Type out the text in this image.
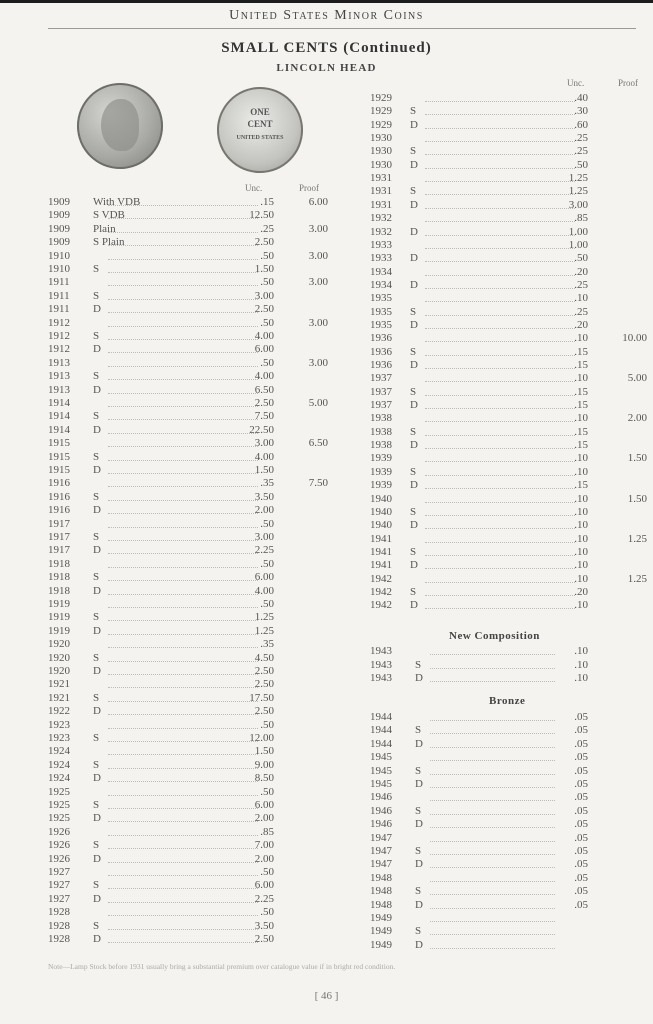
United States Minor Coins
SMALL CENTS (Continued)
LINCOLN HEAD
ONE
CENT
UNITED STATES
Unc.	Proof
Unc.	Proof
1909 With VDB	.15	6.00
1909 S VDB	12.50
1909 Plain	.25	3.00
1909 S Plain	2.50
1910	.50	3.00
1910 S	1.50
1911	.50	3.00
1911 S	3.00
1911 D	2.50
1912	.50	3.00
1912 S	4.00
1912 D	6.00
1913	.50	3.00
1913 S	4.00
1913 D	6.50
1914	2.50	5.00
1914 S	7.50
1914 D	22.50
1915	3.00	6.50
1915 S	4.00
1915 D	1.50
1916	.35	7.50
1916 S	3.50
1916 D	2.00
1917	.50
1917 S	3.00
1917 D	2.25
1918	.50
1918 S	6.00
1918 D	4.00
1919	.50
1919 S	1.25
1919 D	1.25
1920	.35
1920 S	4.50
1920 D	2.50
1921	2.50
1921 S	17.50
1922 D	2.50
1923	.50
1923 S	12.00
1924	1.50
1924 S	9.00
1924 D	8.50
1925	.50
1925 S	6.00
1925 D	2.00
1926	.85
1926 S	7.00
1926 D	2.00
1927	.50
1927 S	6.00
1927 D	2.25
1928	.50
1928 S	3.50
1928 D	2.50
1929	.40
1929 S	.30
1929 D	.60
1930	.25
1930 S	.25
1930 D	.50
1931	1.25
1931 S	1.25
1931 D	3.00
1932	.85
1932 D	1.00
1933	1.00
1933 D	.50
1934	.20
1934 D	.25
1935	.10
1935 S	.25
1935 D	.20
1936	.10	10.00
1936 S	.15
1936 D	.15
1937	.10	5.00
1937 S	.15
1937 D	.15
1938	.10	2.00
1938 S	.15
1938 D	.15
1939	.10	1.50
1939 S	.10
1939 D	.15
1940	.10	1.50
1940 S	.10
1940 D	.10
1941	.10	1.25
1941 S	.10
1941 D	.10
1942	.10	1.25
1942 S	.20
1942 D	.10
New Composition
1943	.10
1943 S	.10
1943 D	.10
Bronze
1944	.05
1944 S	.05
1944 D	.05
1945	.05
1945 S	.05
1945 D	.05
1946	.05
1946 S	.05
1946 D	.05
1947	.05
1947 S	.05
1947 D	.05
1948	.05
1948 S	.05
1948 D	.05
1949
1949 S
1949 D
Note—Lamp Stock before 1931 usually bring a substantial premium over catalogue value if in bright red condition.
[ 46 ]
